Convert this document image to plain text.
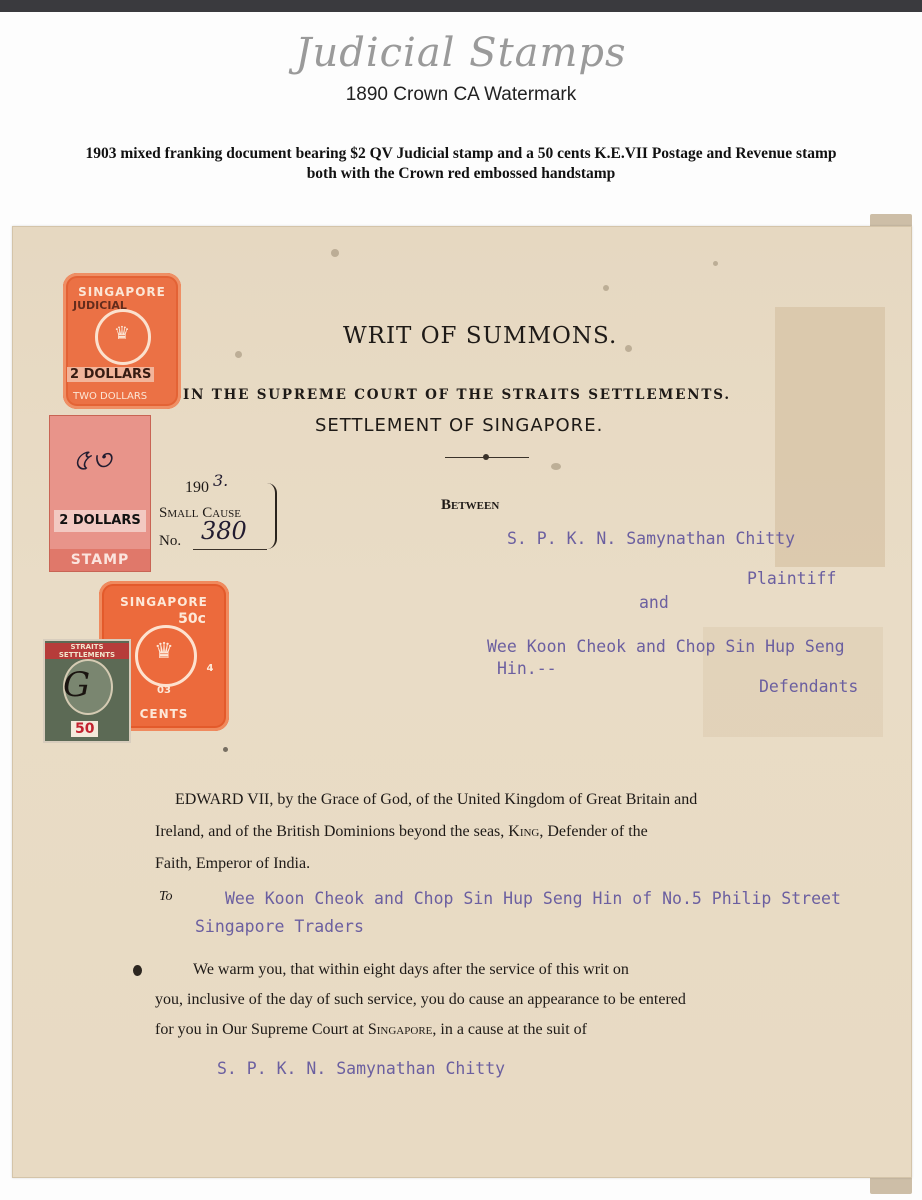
Judicial Stamps
1890 Crown CA Watermark
1903 mixed franking document bearing $2 QV Judicial stamp and a 50 cents K.E.VII Postage and Revenue stamp
both with the Crown red embossed handstamp
2 DOLLARS
STAMP
৫৩
SINGAPORE
♛
JUDICIAL
2 DOLLARS
TWO DOLLARS
SINGAPORE
50c
♛
4
03
CENTS
STRAITS SETTLEMENTS
G
50
WRIT OF SUMMONS.
IN THE SUPREME COURT OF THE STRAITS SETTLEMENTS.
SETTLEMENT OF SINGAPORE.
190 3.
Small Cause
No. 380
Between
S. P. K. N. Samynathan Chitty
Plaintiff
and
Wee Koon Cheok and Chop Sin Hup Seng
Hin.--
Defendants
EDWARD VII, by the Grace of God, of the United Kingdom of Great Britain and
Ireland, and of the British Dominions beyond the seas, King, Defender of the
Faith, Emperor of India.
To	Wee Koon Cheok and Chop Sin Hup Seng Hin of No.5 Philip Street
Singapore Traders
We warm you, that within eight days after the service of this writ on
you, inclusive of the day of such service, you do cause an appearance to be entered
for you in Our Supreme Court at Singapore, in a cause at the suit of
S. P. K. N. Samynathan Chitty
